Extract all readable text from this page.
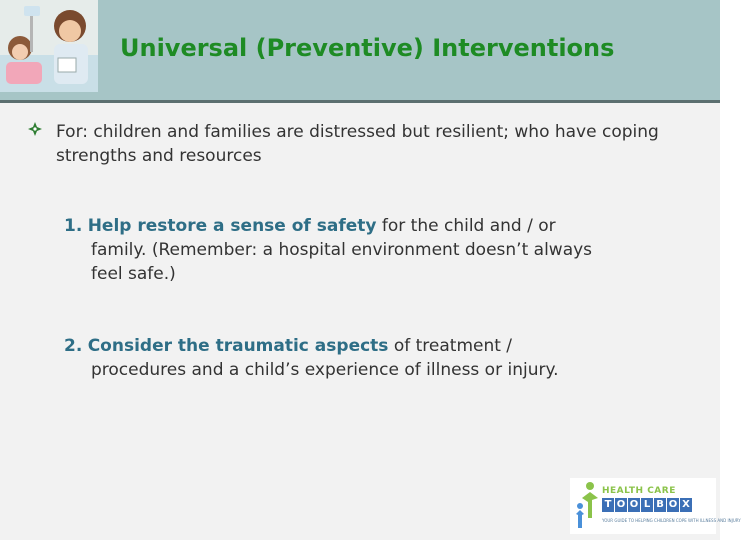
Universal (Preventive) Interventions

For: children and families are distressed but resilient; who have coping strengths and resources

1. Help restore a sense of safety for the child and / or
family. (Remember: a hospital environment doesn’t always
feel safe.)
2. Consider the traumatic aspects of treatment /
procedures and a child’s experience of illness or injury.
HEALTH CARE
T O O L B O X
YOUR GUIDE TO HELPING CHILDREN COPE WITH ILLNESS AND INJURY
